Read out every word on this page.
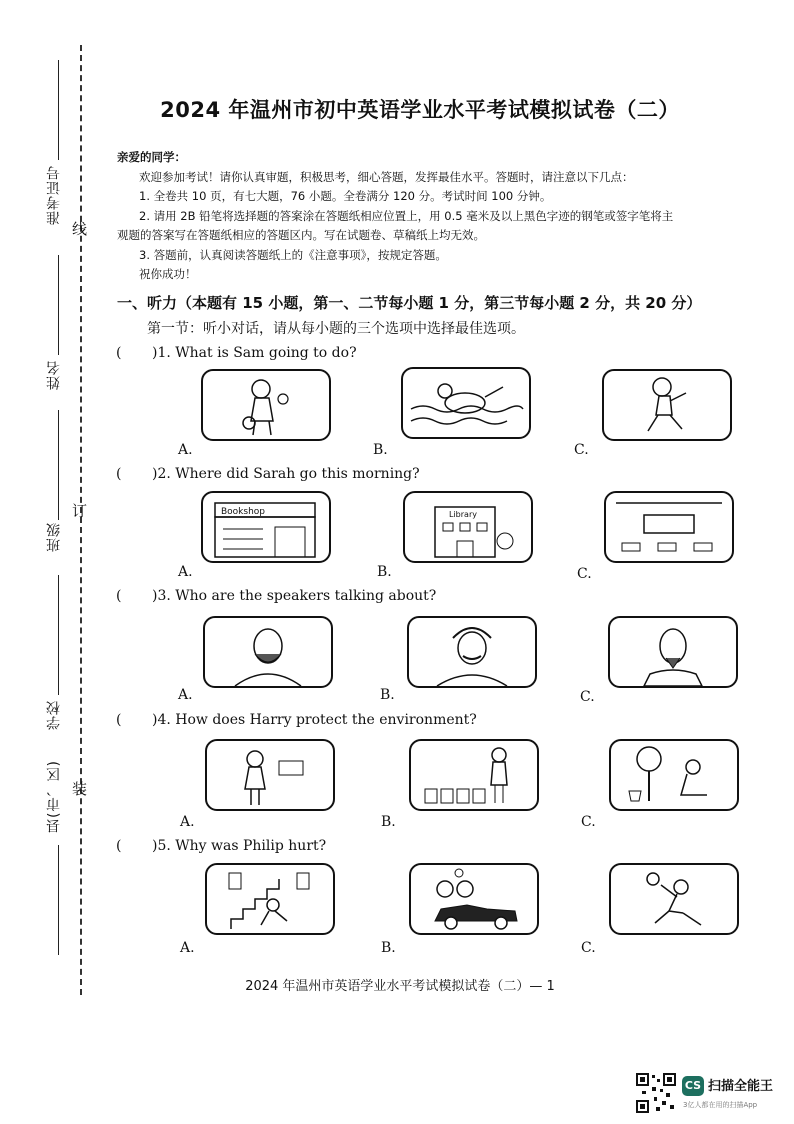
准考证号
姓名
班级
学校
县(市、区)
线
订
装
2024 年温州市初中英语学业水平考试模拟试卷（二）
亲爱的同学：
欢迎参加考试！请你认真审题，积极思考，细心答题，发挥最佳水平。答题时，请注意以下几点：
1. 全卷共 10 页，有七大题，76 小题。全卷满分 120 分。考试时间 100 分钟。
2. 请用 2B 铅笔将选择题的答案涂在答题纸相应位置上，用 0.5 毫米及以上黑色字迹的钢笔或签字笔将主
观题的答案写在答题纸相应的答题区内。写在试题卷、草稿纸上均无效。
3. 答题前，认真阅读答题纸上的《注意事项》，按规定答题。
祝你成功！
一、听力（本题有 15 小题，第一、二节每小题 1 分，第三节每小题 2 分，共 20 分）
第一节：听小对话，请从每小题的三个选项中选择最佳选项。
( )1. What is Sam going to do?
A.	B.	C.
( )2. Where did Sarah go this morning?
A.
Bookshop
B.
Library
C.
( )3. Who are the speakers talking about?
A.	B.	C.
( )4. How does Harry protect the environment?
A.	B.	C.
( )5. Why was Philip hurt?
A.	B.	C.
2024 年温州市英语学业水平考试模拟试卷（二）— 1
CS 扫描全能王
3亿人都在用的扫描App
